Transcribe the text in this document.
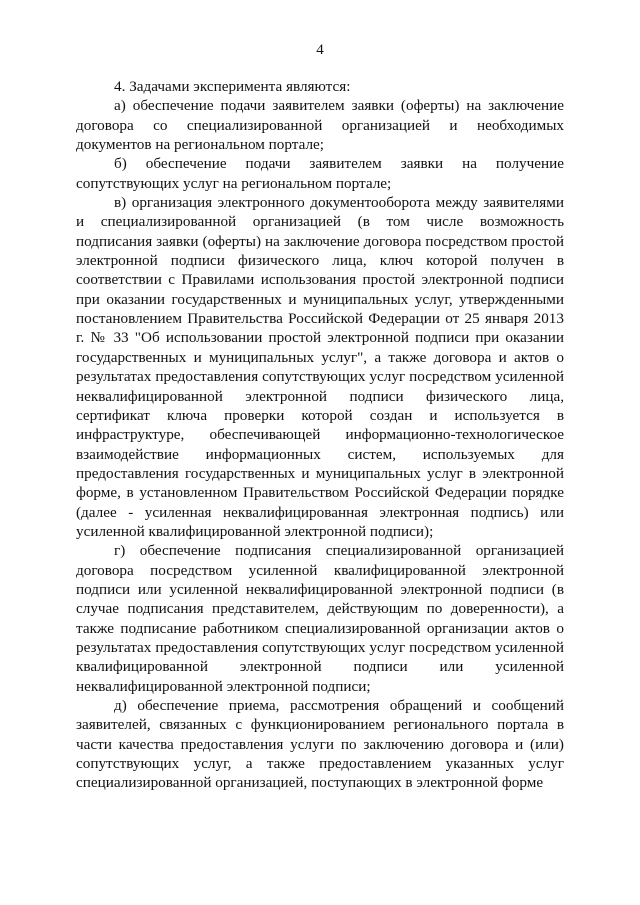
4

4. Задачами эксперимента являются:

а) обеспечение подачи заявителем заявки (оферты) на заключение договора со специализированной организацией и необходимых документов на региональном портале;

б) обеспечение подачи заявителем заявки на получение сопутствующих услуг на региональном портале;

в) организация электронного документооборота между заявителями и специализированной организацией (в том числе возможность подписания заявки (оферты) на заключение договора посредством простой электронной подписи физического лица, ключ которой получен в соответствии с Правилами использования простой электронной подписи при оказании государственных и муниципальных услуг, утвержденными постановлением Правительства Российской Федерации от 25 января 2013 г. № 33 "Об использовании простой электронной подписи при оказании государственных и муниципальных услуг", а также договора и актов о результатах предоставления сопутствующих услуг посредством усиленной неквалифицированной электронной подписи физического лица, сертификат ключа проверки которой создан и используется в инфраструктуре, обеспечивающей информационно-технологическое взаимодействие информационных систем, используемых для предоставления государственных и муниципальных услуг в электронной форме, в установленном Правительством Российской Федерации порядке (далее - усиленная неквалифицированная электронная подпись) или усиленной квалифицированной электронной подписи);

г) обеспечение подписания специализированной организацией договора посредством усиленной квалифицированной электронной подписи или усиленной неквалифицированной электронной подписи (в случае подписания представителем, действующим по доверенности), а также подписание работником специализированной организации актов о результатах предоставления сопутствующих услуг посредством усиленной квалифицированной электронной подписи или усиленной неквалифицированной электронной подписи;

д) обеспечение приема, рассмотрения обращений и сообщений заявителей, связанных с функционированием регионального портала в части качества предоставления услуги по заключению договора и (или) сопутствующих услуг, а также предоставлением указанных услуг специализированной организацией, поступающих в электронной форме
